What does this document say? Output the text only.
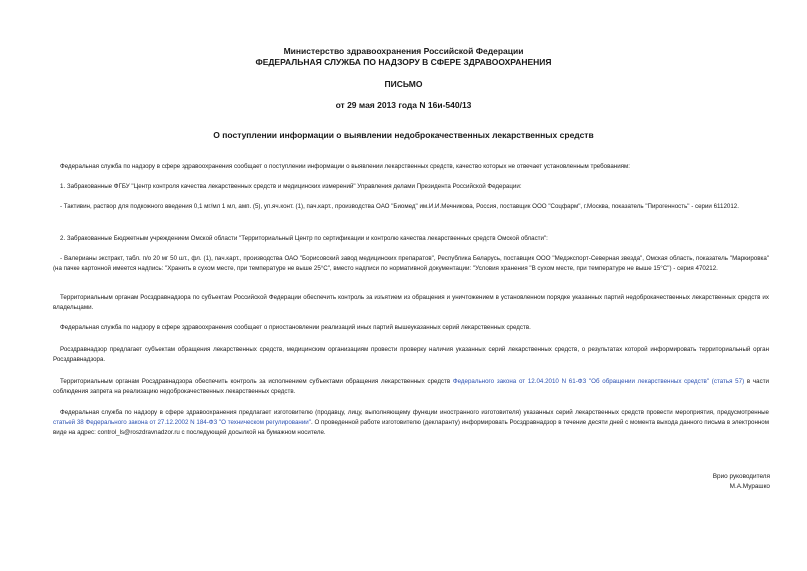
Министерство здравоохранения Российской Федерации
ФЕДЕРАЛЬНАЯ СЛУЖБА ПО НАДЗОРУ В СФЕРЕ ЗДРАВООХРАНЕНИЯ
ПИСЬМО
от 29 мая 2013 года N 16и-540/13
О поступлении информации о выявлении недоброкачественных лекарственных средств
Федеральная служба по надзору в сфере здравоохранения сообщает о поступлении информации о выявлении лекарственных средств, качество которых не отвечает установленным требованиям:
1. Забракованные ФГБУ "Центр контроля качества лекарственных средств и медицинских измерений" Управления делами Президента Российской Федерации:
- Тактивин, раствор для подкожного введения 0,1 мг/мл 1 мл, амп. (5), уп.яч.конт. (1), пач.карт., производства ОАО "Биомед" им.И.И.Мечникова, Россия, поставщик ООО "Соцфарм", г.Москва, показатель "Пирогенность" - серии 6112012.
2. Забракованные Бюджетным учреждением Омской области "Территориальный Центр по сертификации и контролю качества лекарственных средств Омской области":
- Валерианы экстракт, табл. п/о 20 мг 50 шт., фл. (1), пач.карт., производства ОАО "Борисовский завод медицинских препаратов", Республика Беларусь, поставщик ООО "Медэкспорт-Северная звезда", Омская область, показатель "Маркировка" (на пачке картонной имеется надпись: "Хранить в сухом месте, при температуре не выше 25°С", вместо надписи по нормативной документации: "Условия хранения "В сухом месте, при температуре не выше 15°С") - серия 470212.
Территориальным органам Росздравнадзора по субъектам Российской Федерации обеспечить контроль за изъятием из обращения и уничтожением в установленном порядке указанных партий недоброкачественных лекарственных средств их владельцами.
Федеральная служба по надзору в сфере здравоохранения сообщает о приостановлении реализаций иных партий вышеуказанных серий лекарственных средств.
Росздравнадзор предлагает субъектам обращения лекарственных средств, медицинским организациям провести проверку наличия указанных серий лекарственных средств, о результатах которой информировать территориальный орган Росздравнадзора.
Территориальным органам Росздравнадзора обеспечить контроль за исполнением субъектами обращения лекарственных средств Федерального закона от 12.04.2010 N 61-ФЗ "Об обращении лекарственных средств" (статья 57) в части соблюдения запрета на реализацию недоброкачественных лекарственных средств.
Федеральная служба по надзору в сфере здравоохранения предлагает изготовителю (продавцу, лицу, выполняющему функции иностранного изготовителя) указанных серий лекарственных средств провести мероприятия, предусмотренные статьей 38 Федерального закона от 27.12.2002 N 184-ФЗ "О техническом регулировании". О проведенной работе изготовителю (декларанту) информировать Росздравнадзор в течение десяти дней с момента выхода данного письма в электронном виде на адрес: control_ls@roszdravnadzor.ru с последующей досылкой на бумажном носителе.
Врио руководителя
М.А.Мурашко
